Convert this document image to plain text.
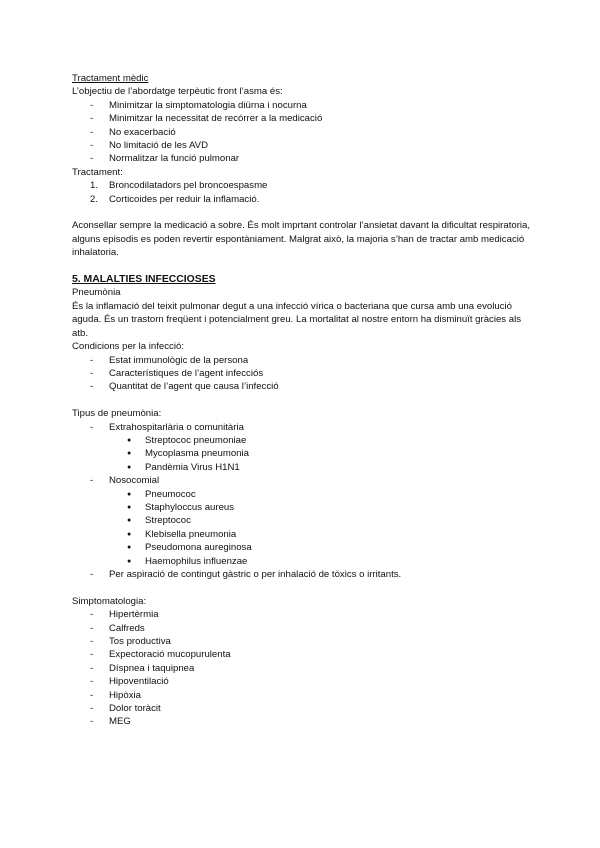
Tractament mèdic
L’objectiu de l’abordatge terpèutic front l’asma és:
- Minimitzar la simptomatologia diürna i nocurna
- Minimitzar la necessitat de recórrer a la medicació
- No exacerbació
- No limitació de les AVD
- Normalitzar la funció pulmonar
Tractament:
1. Broncodilatadors pel broncoespasme
2. Corticoides per reduir la inflamació.
Aconsellar sempre la medicació a sobre. És molt imprtant controlar l’ansietat davant la dificultat respiratoria, alguns episodis es poden revertir espontàniament. Malgrat això, la majoria s’han de tractar amb medicació inhalatoria.
5. MALALTIES INFECCIOSES
Pneumònia
És la inflamació del teixit pulmonar degut a una infecció vírica o bacteriana que cursa amb una evolució aguda. És un trastorn freqüent i potencialment greu. La mortalitat al nostre entorn ha disminuït gràcies als atb.
Condicions per la infecció:
- Estat immunològic de la persona
- Característiques de l’agent infecciós
- Quantitat de l’agent que causa l’infecció
Tipus de pneumònia:
- Extrahospitarlària o comunitària
● Streptococ pneumoniae
● Mycoplasma pneumonia
● Pandèmia Virus H1N1
- Nosocomial
● Pneumococ
● Staphyloccus aureus
● Streptococ
● Klebisella pneumonia
● Pseudomona aureginosa
● Haemophilus influenzae
- Per aspiració de contingut gàstric o per inhalació de tòxics o irritants.
Simptomatologia:
- Hipertèrmia
- Calfreds
- Tos productiva
- Expectoració mucopurulenta
- Díspnea i taquipnea
- Hipoventilació
- Hipòxia
- Dolor toràcit
- MEG
